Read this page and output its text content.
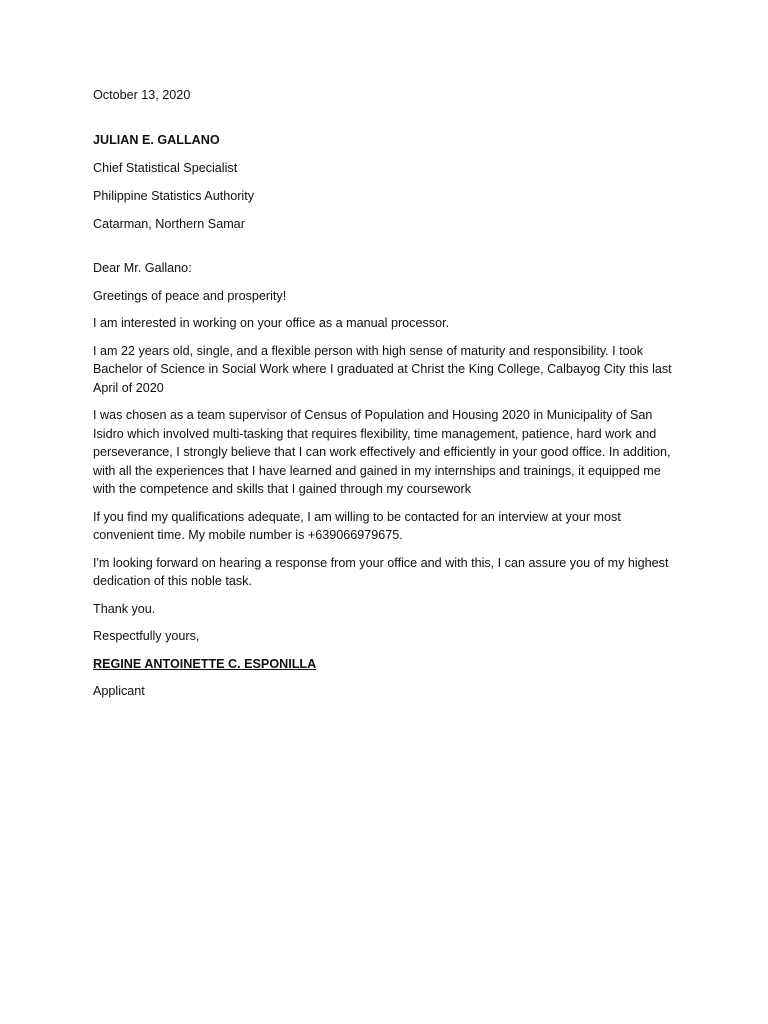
October 13, 2020

JULIAN E. GALLANO

Chief Statistical Specialist

Philippine Statistics Authority

Catarman, Northern Samar

Dear Mr. Gallano:

Greetings of peace and prosperity!

I am interested in working on your office as a manual processor.

I am 22 years old, single, and a flexible person with high sense of maturity and responsibility. I took Bachelor of Science in Social Work where I graduated at Christ the King College, Calbayog City this last April of 2020

I was chosen as a team supervisor of Census of Population and Housing 2020 in Municipality of San Isidro which involved multi-tasking that requires flexibility, time management, patience, hard work and perseverance, I strongly believe that I can work effectively and efficiently in your good office. In addition, with all the experiences that I have learned and gained in my internships and trainings, it equipped me with the competence and skills that I gained through my coursework

If you find my qualifications adequate, I am willing to be contacted for an interview at your most convenient time. My mobile number is +639066979675.

I'm looking forward on hearing a response from your office and with this, I can assure you of my highest dedication of this noble task.

Thank you.

Respectfully yours,

REGINE ANTOINETTE C. ESPONILLA

Applicant
